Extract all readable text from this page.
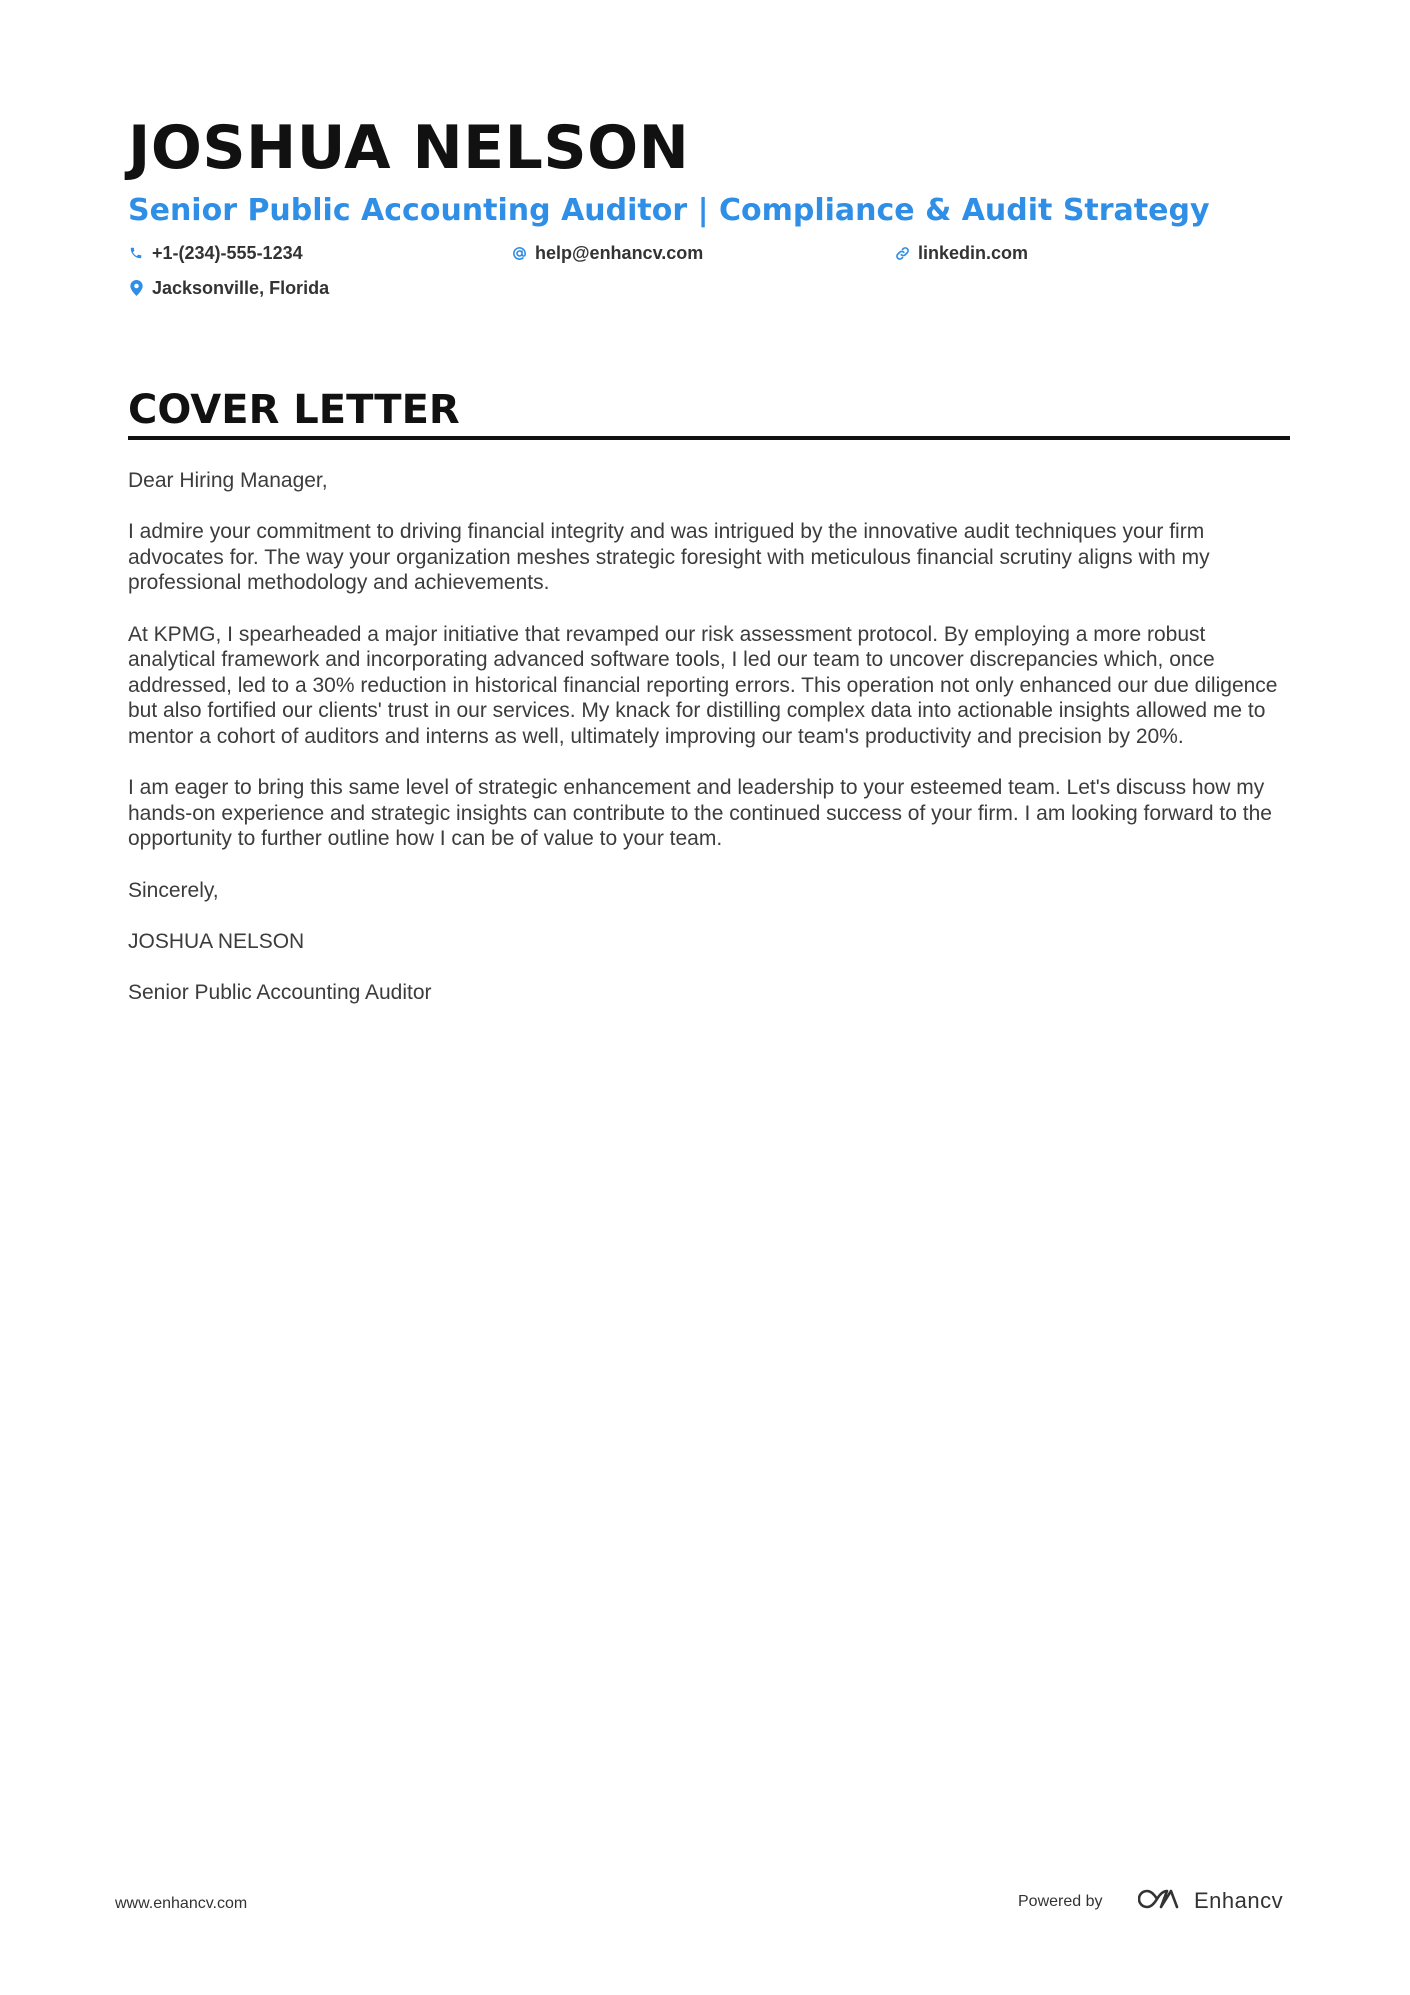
JOSHUA NELSON
Senior Public Accounting Auditor | Compliance & Audit Strategy
+1-(234)-555-1234	help@enhancv.com	linkedin.com
Jacksonville, Florida
COVER LETTER

Dear Hiring Manager,

I admire your commitment to driving financial integrity and was intrigued by the innovative audit techniques your firm advocates for. The way your organization meshes strategic foresight with meticulous financial scrutiny aligns with my professional methodology and achievements.

At KPMG, I spearheaded a major initiative that revamped our risk assessment protocol. By employing a more robust analytical framework and incorporating advanced software tools, I led our team to uncover discrepancies which, once addressed, led to a 30% reduction in historical financial reporting errors. This operation not only enhanced our due diligence but also fortified our clients' trust in our services. My knack for distilling complex data into actionable insights allowed me to mentor a cohort of auditors and interns as well, ultimately improving our team's productivity and precision by 20%.

I am eager to bring this same level of strategic enhancement and leadership to your esteemed team. Let's discuss how my hands-on experience and strategic insights can contribute to the continued success of your firm. I am looking forward to the opportunity to further outline how I can be of value to your team.

Sincerely,

JOSHUA NELSON

Senior Public Accounting Auditor

www.enhancv.com	Powered by	Enhancv
